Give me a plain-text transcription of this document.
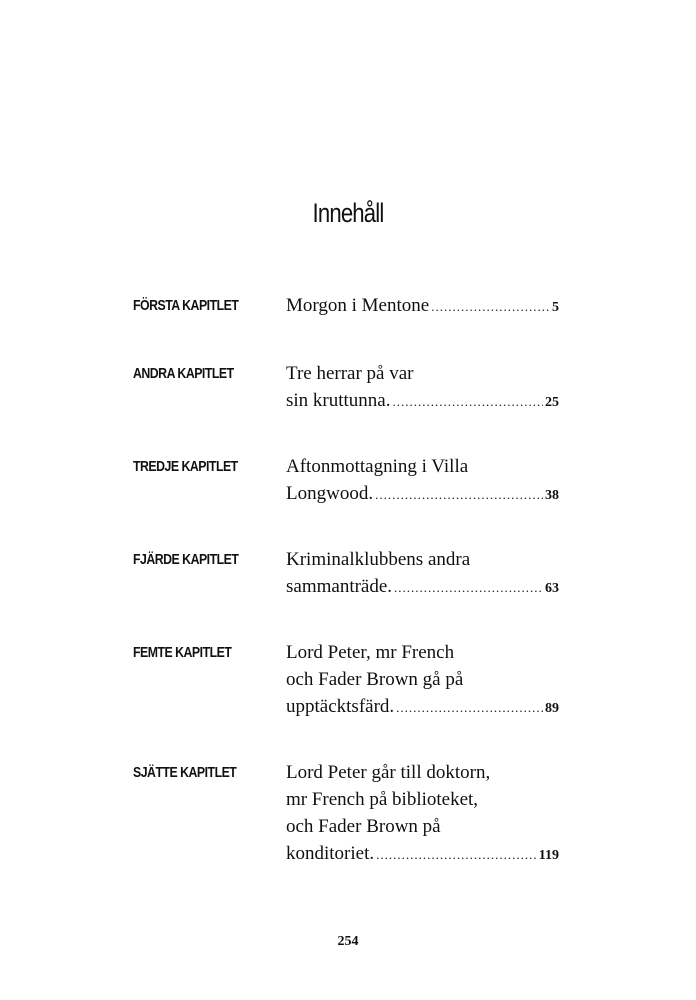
Innehåll
FÖRSTA KAPITLET	Morgon i Mentone .....	5
ANDRA KAPITLET	Tre herrar på var
sin kruttunna. .....	25
TREDJE KAPITLET	Aftonmottagning i Villa
Longwood. .....	38
FJÄRDE KAPITLET	Kriminalklubbens andra
sammanträde. .....	63
FEMTE KAPITLET	Lord Peter, mr French
och Fader Brown gå på
upptäcktsfärd. .....	89
SJÄTTE KAPITLET	Lord Peter går till doktorn,
mr French på biblioteket,
och Fader Brown på
konditoriet. .....	119
254
